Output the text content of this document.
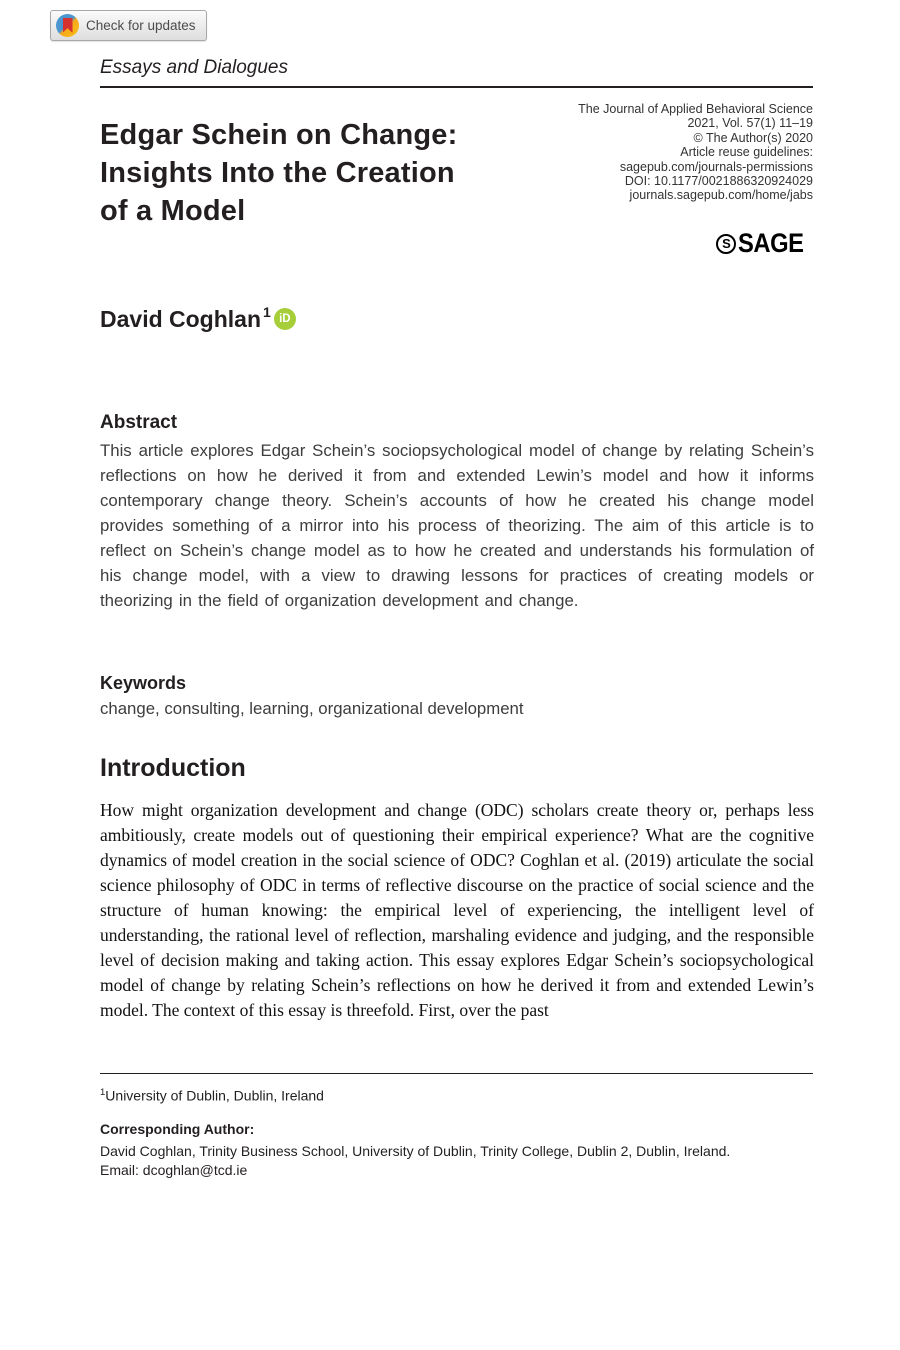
Check for updates
Essays and Dialogues
Edgar Schein on Change:
Insights Into the Creation
of a Model
The Journal of Applied Behavioral Science
2021, Vol. 57(1) 11–19
© The Author(s) 2020
Article reuse guidelines:
sagepub.com/journals-permissions
DOI: 10.1177/0021886320924029
journals.sagepub.com/home/jabs
S SAGE
David Coghlan 1 iD
Abstract
This article explores Edgar Schein’s sociopsychological model of change by relating Schein’s reflections on how he derived it from and extended Lewin’s model and how it informs contemporary change theory. Schein’s accounts of how he created his change model provides something of a mirror into his process of theorizing. The aim of this article is to reflect on Schein’s change model as to how he created and understands his formulation of his change model, with a view to drawing lessons for practices of creating models or theorizing in the field of organization development and change.
Keywords
change, consulting, learning, organizational development
Introduction
How might organization development and change (ODC) scholars create theory or, perhaps less ambitiously, create models out of questioning their empirical experience? What are the cognitive dynamics of model creation in the social science of ODC? Coghlan et al. (2019) articulate the social science philosophy of ODC in terms of reflective discourse on the practice of social science and the structure of human knowing: the empirical level of experiencing, the intelligent level of understanding, the rational level of reflection, marshaling evidence and judging, and the responsible level of decision making and taking action. This essay explores Edgar Schein’s sociopsychological model of change by relating Schein’s reflections on how he derived it from and extended Lewin’s model. The context of this essay is threefold. First, over the past
$^1$University of Dublin, Dublin, Ireland
Corresponding Author:
David Coghlan, Trinity Business School, University of Dublin, Trinity College, Dublin 2, Dublin, Ireland.
Email: dcoghlan@tcd.ie
